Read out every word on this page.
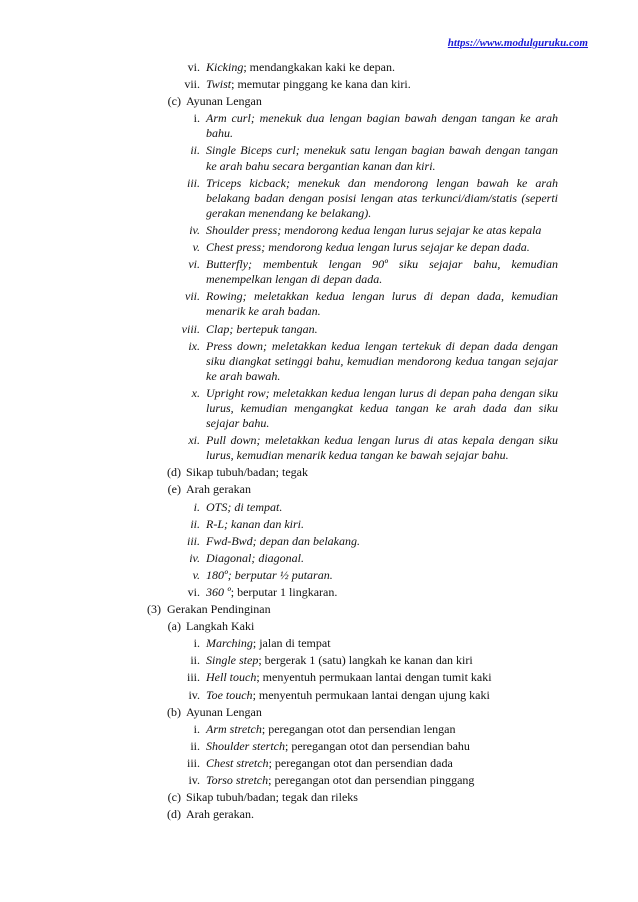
https://www.modulguruku.com
vi. Kicking; mendangkakan kaki ke depan.
vii. Twist; memutar pinggang ke kana dan kiri.
(c) Ayunan Lengan
i. Arm curl; menekuk dua lengan bagian bawah dengan tangan ke arah bahu.
ii. Single Biceps curl; menekuk satu lengan bagian bawah dengan tangan ke arah bahu secara bergantian kanan dan kiri.
iii. Triceps kicback; menekuk dan mendorong lengan bawah ke arah belakang badan dengan posisi lengan atas terkunci/diam/statis (seperti gerakan menendang ke belakang).
iv. Shoulder press; mendorong kedua lengan lurus sejajar ke atas kepala
v. Chest press; mendorong kedua lengan lurus sejajar ke depan dada.
vi. Butterfly; membentuk lengan 90º siku sejajar bahu, kemudian menempelkan lengan di depan dada.
vii. Rowing; meletakkan kedua lengan lurus di depan dada, kemudian menarik ke arah badan.
viii. Clap; bertepuk tangan.
ix. Press down; meletakkan kedua lengan tertekuk di depan dada dengan siku diangkat setinggi bahu, kemudian mendorong kedua tangan sejajar ke arah bawah.
x. Upright row; meletakkan kedua lengan lurus di depan paha dengan siku lurus, kemudian mengangkat kedua tangan ke arah dada dan siku sejajar bahu.
xi. Pull down; meletakkan kedua lengan lurus di atas kepala dengan siku lurus, kemudian menarik kedua tangan ke bawah sejajar bahu.
(d) Sikap tubuh/badan; tegak
(e) Arah gerakan
i. OTS; di tempat.
ii. R-L; kanan dan kiri.
iii. Fwd-Bwd; depan dan belakang.
iv. Diagonal; diagonal.
v. 180º; berputar ½ putaran.
vi. 360 º; berputar 1 lingkaran.
(3) Gerakan Pendinginan
(a) Langkah Kaki
i. Marching; jalan di tempat
ii. Single step; bergerak 1 (satu) langkah ke kanan dan kiri
iii. Hell touch; menyentuh permukaan lantai dengan tumit kaki
iv. Toe touch; menyentuh permukaan lantai dengan ujung kaki
(b) Ayunan Lengan
i. Arm stretch; peregangan otot dan persendian lengan
ii. Shoulder stertch; peregangan otot dan persendian bahu
iii. Chest stretch; peregangan otot dan persendian dada
iv. Torso stretch; peregangan otot dan persendian pinggang
(c) Sikap tubuh/badan; tegak dan rileks
(d) Arah gerakan.
